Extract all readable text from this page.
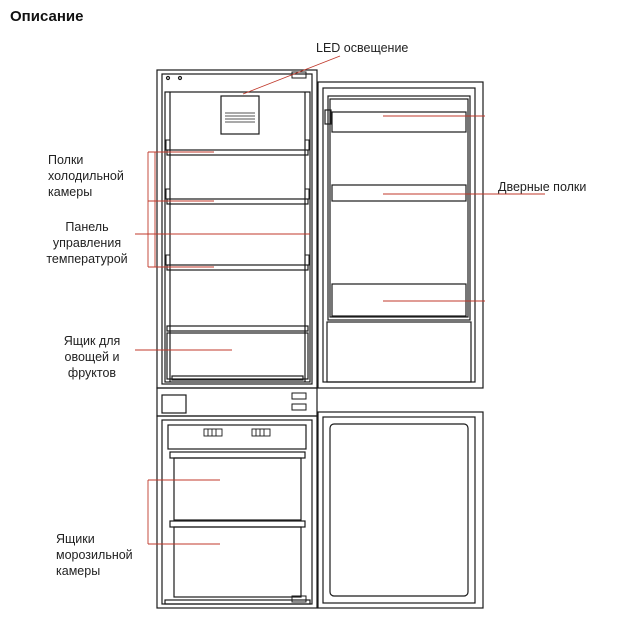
Описание
LED освещение
Полки
холодильной
камеры
Панель
управления
температурой
Ящик для
овощей и
фруктов
Дверные полки
Ящики
морозильной
камеры
